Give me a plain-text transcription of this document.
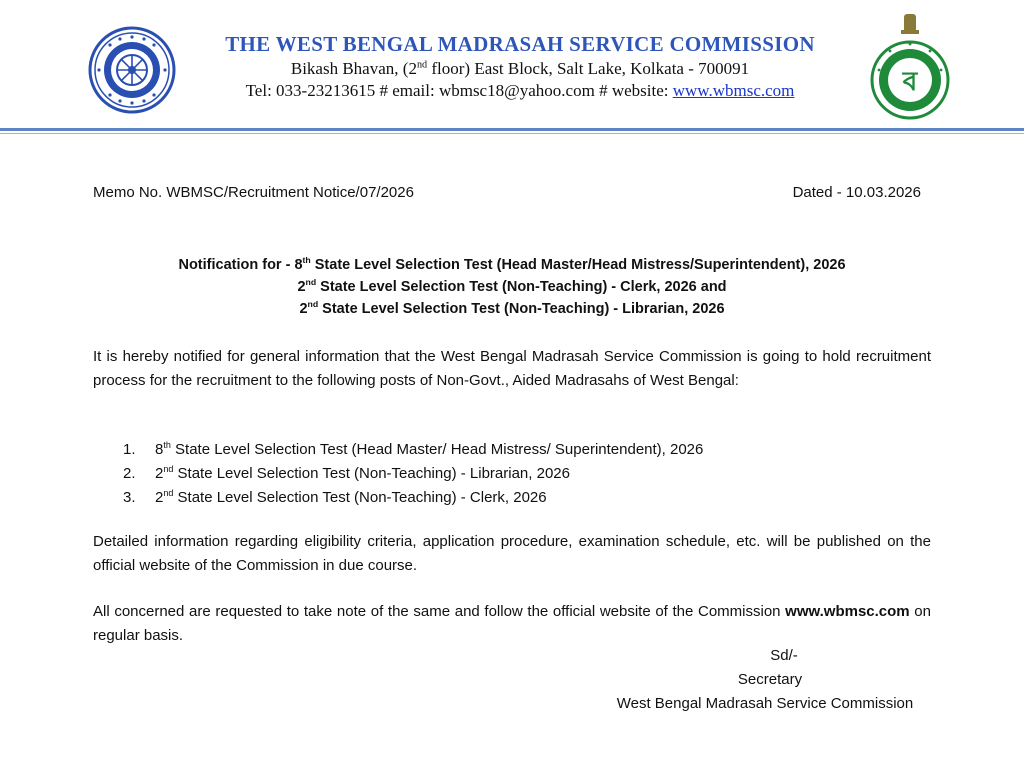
THE WEST BENGAL MADRASAH SERVICE COMMISSION
Bikash Bhavan, (2nd floor) East Block, Salt Lake, Kolkata - 700091
Tel: 033-23213615 # email: wbmsc18@yahoo.com # website: www.wbmsc.com	ব
Memo No. WBMSC/Recruitment Notice/07/2026	Dated - 10.03.2026
Notification for - 8th State Level Selection Test (Head Master/Head Mistress/Superintendent), 2026
2nd State Level Selection Test (Non-Teaching) - Clerk, 2026 and
2nd State Level Selection Test (Non-Teaching) - Librarian, 2026
It is hereby notified for general information that the West Bengal Madrasah Service Commission is going to hold recruitment process for the recruitment to the following posts of Non-Govt., Aided Madrasahs of West Bengal:
1.	8th State Level Selection Test (Head Master/ Head Mistress/ Superintendent), 2026
2.	2nd State Level Selection Test (Non-Teaching) - Librarian, 2026
3.	2nd State Level Selection Test (Non-Teaching) - Clerk, 2026
Detailed information regarding eligibility criteria, application procedure, examination schedule, etc. will be published on the official website of the Commission in due course.
All concerned are requested to take note of the same and follow the official website of the Commission www.wbmsc.com on regular basis.
Sd/-
Secretary
West Bengal Madrasah Service Commission
